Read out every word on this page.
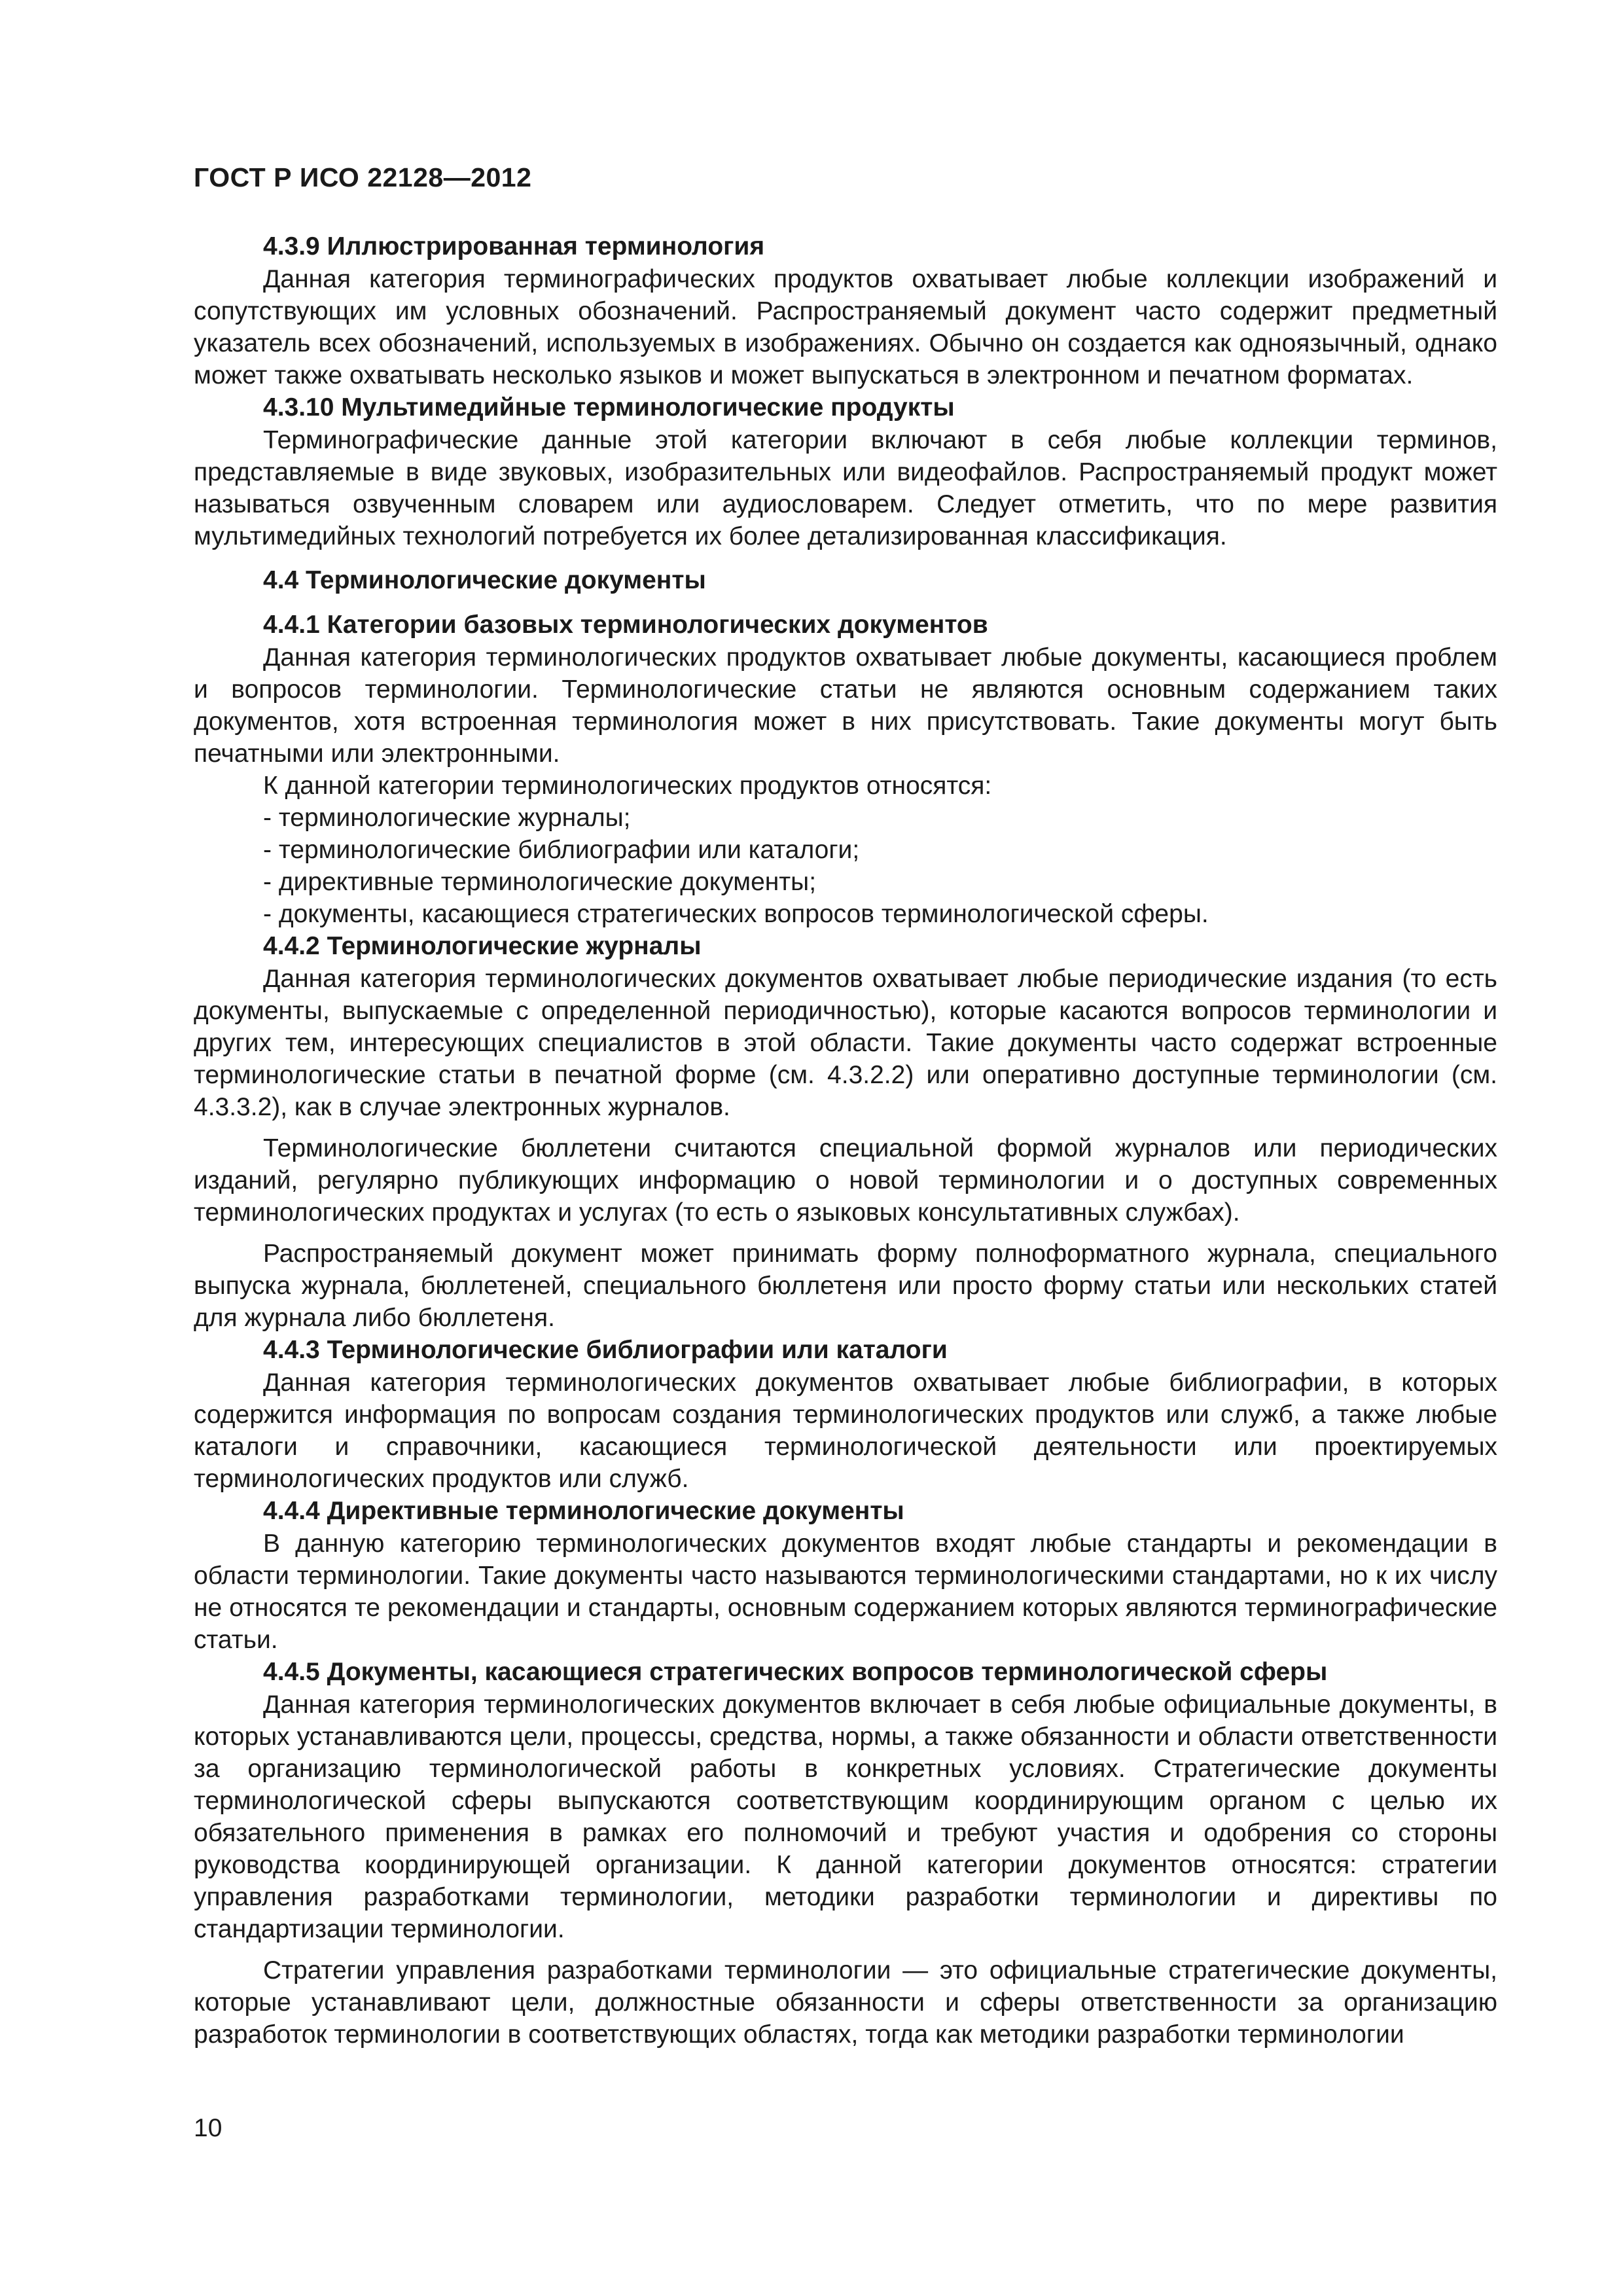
ГОСТ Р ИСО 22128—2012
4.3.9 Иллюстрированная терминология

Данная категория терминографических продуктов охватывает любые коллекции изображений и сопутствующих им условных обозначений. Распространяемый документ часто содержит предметный указатель всех обозначений, используемых в изображениях. Обычно он создается как одноязычный, однако может также охватывать несколько языков и может выпускаться в электронном и печатном форматах.

4.3.10 Мультимедийные терминологические продукты

Терминографические данные этой категории включают в себя любые коллекции терминов, представляемые в виде звуковых, изобразительных или видеофайлов. Распространяемый продукт может называться озвученным словарем или аудиословарем. Следует отметить, что по мере развития мультимедийных технологий потребуется их более детализированная классификация.

4.4 Терминологические документы
4.4.1 Категории базовых терминологических документов

Данная категория терминологических продуктов охватывает любые документы, касающиеся проблем и вопросов терминологии. Терминологические статьи не являются основным содержанием таких документов, хотя встроенная терминология может в них присутствовать. Такие документы могут быть печатными или электронными.

К данной категории терминологических продуктов относятся:

- терминологические журналы;
- терминологические библиографии или каталоги;
- директивные терминологические документы;
- документы, касающиеся стратегических вопросов терминологической сферы.
4.4.2 Терминологические журналы

Данная категория терминологических документов охватывает любые периодические издания (то есть документы, выпускаемые с определенной периодичностью), которые касаются вопросов терминологии и других тем, интересующих специалистов в этой области. Такие документы часто содержат встроенные терминологические статьи в печатной форме (см. 4.3.2.2) или оперативно доступные терминологии (см. 4.3.3.2), как в случае электронных журналов.

Терминологические бюллетени считаются специальной формой журналов или периодических изданий, регулярно публикующих информацию о новой терминологии и о доступных современных терминологических продуктах и услугах (то есть о языковых консультативных службах).

Распространяемый документ может принимать форму полноформатного журнала, специального выпуска журнала, бюллетеней, специального бюллетеня или просто форму статьи или нескольких статей для журнала либо бюллетеня.

4.4.3 Терминологические библиографии или каталоги

Данная категория терминологических документов охватывает любые библиографии, в которых содержится информация по вопросам создания терминологических продуктов или служб, а также любые каталоги и справочники, касающиеся терминологической деятельности или проектируемых терминологических продуктов или служб.

4.4.4 Директивные терминологические документы

В данную категорию терминологических документов входят любые стандарты и рекомендации в области терминологии. Такие документы часто называются терминологическими стандартами, но к их числу не относятся те рекомендации и стандарты, основным содержанием которых являются терминографические статьи.

4.4.5 Документы, касающиеся стратегических вопросов терминологической сферы

Данная категория терминологических документов включает в себя любые официальные документы, в которых устанавливаются цели, процессы, средства, нормы, а также обязанности и области ответственности за организацию терминологической работы в конкретных условиях. Стратегические документы терминологической сферы выпускаются соответствующим координирующим органом с целью их обязательного применения в рамках его полномочий и требуют участия и одобрения со стороны руководства координирующей организации. К данной категории документов относятся: стратегии управления разработками терминологии, методики разработки терминологии и директивы по стандартизации терминологии.

Стратегии управления разработками терминологии — это официальные стратегические документы, которые устанавливают цели, должностные обязанности и сферы ответственности за организацию разработок терминологии в соответствующих областях, тогда как методики разработки терминологии

10
